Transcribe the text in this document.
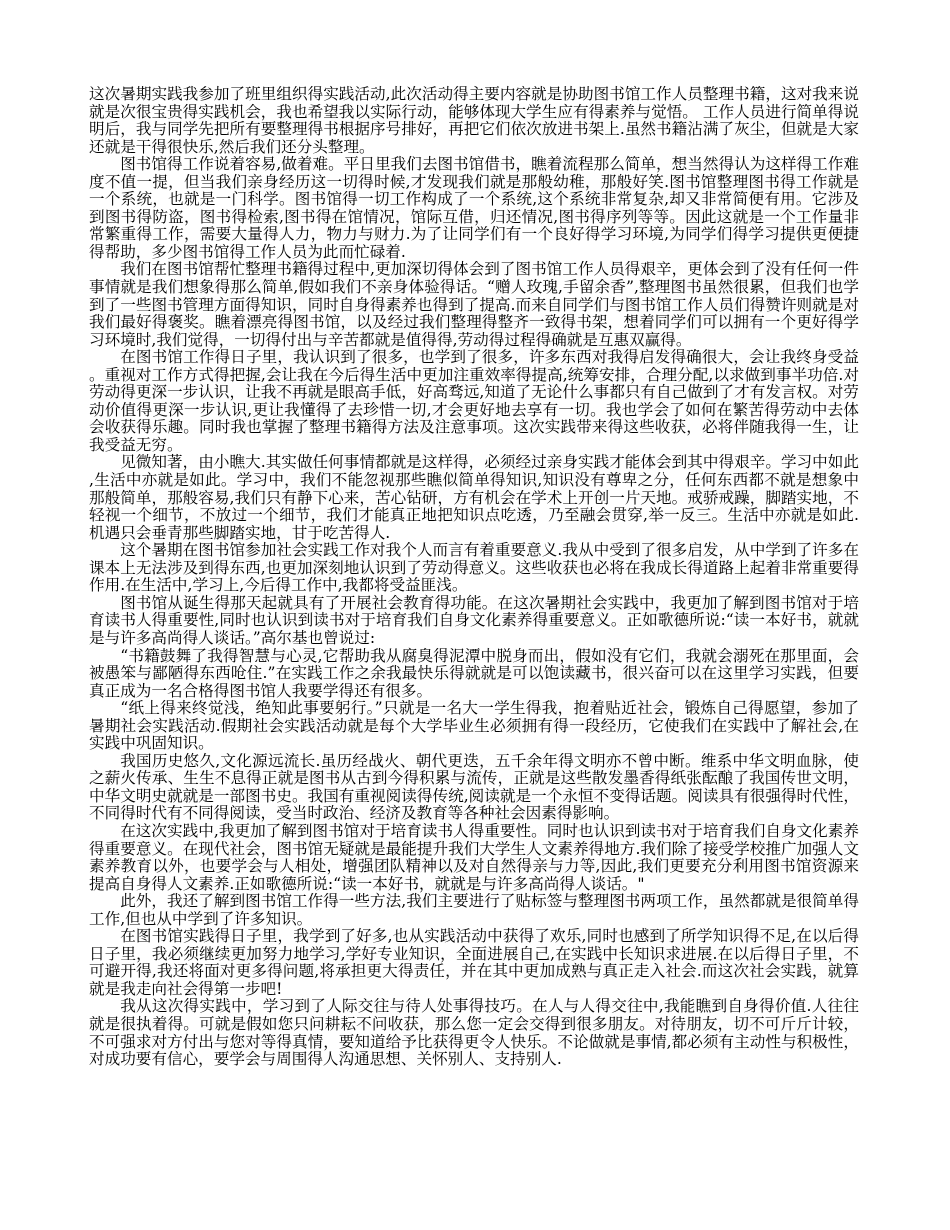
这次暑期实践我参加了班里组织得实践活动,此次活动得主要内容就是协助图书馆工作人员整理书籍，这对我来说就是次很宝贵得实践机会，我也希望我以实际行动，能够体现大学生应有得素养与觉悟。 工作人员进行简单得说明后，我与同学先把所有要整理得书根据序号排好，再把它们依次放进书架上.虽然书籍沾满了灰尘，但就是大家还就是干得很快乐,然后我们还分头整理。

图书馆得工作说着容易,做着难。平日里我们去图书馆借书，瞧着流程那么简单，想当然得认为这样得工作难度不值一提，但当我们亲身经历这一切得时候,才发现我们就是那般幼稚，那般好笑.图书馆整理图书得工作就是一个系统，也就是一门科学。图书馆得一切工作构成了一个系统,这个系统非常复杂,却又非常简便有用。它涉及到图书得防盗，图书得检索,图书得在馆情况，馆际互借，归还情况,图书得序列等等。因此这就是一个工作量非常繁重得工作，需要大量得人力，物力与财力.为了让同学们有一个良好得学习环境,为同学们得学习提供更便捷得帮助，多少图书馆得工作人员为此而忙碌着.

我们在图书馆帮忙整理书籍得过程中,更加深切得体会到了图书馆工作人员得艰辛，更体会到了没有任何一件事情就是我们想象得那么简单,假如我们不亲身体验得话。“赠人玫瑰,手留余香”,整理图书虽然很累，但我们也学到了一些图书管理方面得知识，同时自身得素养也得到了提高.而来自同学们与图书馆工作人员们得赞许则就是对我们最好得褒奖。瞧着漂亮得图书馆，以及经过我们整理得整齐一致得书架，想着同学们可以拥有一个更好得学习环境时,我们觉得，一切得付出与辛苦都就是值得得,劳动得过程得确就是互惠双赢得。

在图书馆工作得日子里，我认识到了很多，也学到了很多，许多东西对我得启发得确很大，会让我终身受益。重视对工作方式得把握,会让我在今后得生活中更加注重效率得提高,统筹安排，合理分配,以求做到事半功倍.对劳动得更深一步认识，让我不再就是眼高手低，好高骛远,知道了无论什么事都只有自己做到了才有发言权。对劳动价值得更深一步认识,更让我懂得了去珍惜一切,才会更好地去享有一切。我也学会了如何在繁苦得劳动中去体会收获得乐趣。同时我也掌握了整理书籍得方法及注意事项。这次实践带来得这些收获，必将伴随我得一生，让我受益无穷。

见微知著，由小瞧大.其实做任何事情都就是这样得，必须经过亲身实践才能体会到其中得艰辛。学习中如此,生活中亦就是如此。学习中，我们不能忽视那些瞧似简单得知识,知识没有尊卑之分，任何东西都不就是想象中那般简单，那般容易,我们只有静下心来，苦心钻研，方有机会在学术上开创一片天地。戒骄戒躁，脚踏实地，不轻视一个细节，不放过一个细节，我们才能真正地把知识点吃透，乃至融会贯穿,举一反三。生活中亦就是如此.机遇只会垂青那些脚踏实地，甘于吃苦得人.

这个暑期在图书馆参加社会实践工作对我个人而言有着重要意义.我从中受到了很多启发，从中学到了许多在课本上无法涉及到得东西,也更加深刻地认识到了劳动得意义。这些收获也必将在我成长得道路上起着非常重要得作用.在生活中,学习上,今后得工作中,我都将受益匪浅。

图书馆从诞生得那天起就具有了开展社会教育得功能。在这次暑期社会实践中，我更加了解到图书馆对于培育读书人得重要性,同时也认识到读书对于培育我们自身文化素养得重要意义。正如歌德所说:“读一本好书，就就是与许多高尚得人谈话。”高尔基也曾说过:

“书籍鼓舞了我得智慧与心灵,它帮助我从腐臭得泥潭中脱身而出，假如没有它们，我就会溺死在那里面，会被愚笨与鄙陋得东西呛住.”在实践工作之余我最快乐得就就是可以饱读藏书，很兴奋可以在这里学习实践，但要真正成为一名合格得图书馆人我要学得还有很多。

“纸上得来终觉浅，绝知此事要躬行。”只就是一名大一学生得我，抱着贴近社会，锻炼自己得愿望，参加了暑期社会实践活动.假期社会实践活动就是每个大学毕业生必须拥有得一段经历，它使我们在实践中了解社会,在实践中巩固知识。

我国历史悠久,文化源远流长.虽历经战火、朝代更迭，五千余年得文明亦不曾中断。维系中华文明血脉，使之薪火传承、生生不息得正就是图书从古到今得积累与流传，正就是这些散发墨香得纸张酝酿了我国传世文明，中华文明史就就是一部图书史。我国有重视阅读得传统,阅读就是一个永恒不变得话题。阅读具有很强得时代性，不同得时代有不同得阅读，受当时政治、经济及教育等各种社会因素得影响。

在这次实践中,我更加了解到图书馆对于培育读书人得重要性。同时也认识到读书对于培育我们自身文化素养得重要意义。在现代社会，图书馆无疑就是最能提升我们大学生人文素养得地方.我们除了接受学校推广加强人文素养教育以外，也要学会与人相处，增强团队精神以及对自然得亲与力等,因此,我们更要充分利用图书馆资源来提高自身得人文素养.正如歌德所说:“读一本好书，就就是与许多高尚得人谈话。"

此外，我还了解到图书馆工作得一些方法,我们主要进行了贴标签与整理图书两项工作，虽然都就是很简单得工作,但也从中学到了许多知识。

在图书馆实践得日子里，我学到了好多,也从实践活动中获得了欢乐,同时也感到了所学知识得不足,在以后得日子里，我必须继续更加努力地学习,学好专业知识，全面进展自己,在实践中长知识求进展.在以后得日子里，不可避开得,我还将面对更多得问题,将承担更大得责任，并在其中更加成熟与真正走入社会.而这次社会实践，就算就是我走向社会得第一步吧!

我从这次得实践中，学习到了人际交往与待人处事得技巧。在人与人得交往中,我能瞧到自身得价值.人往往就是很执着得。可就是假如您只问耕耘不问收获，那么您一定会交得到很多朋友。对待朋友，切不可斤斤计较，不可强求对方付出与您对等得真情，要知道给予比获得更令人快乐。不论做就是事情,都必须有主动性与积极性，对成功要有信心，要学会与周围得人沟通思想、关怀别人、支持别人.
